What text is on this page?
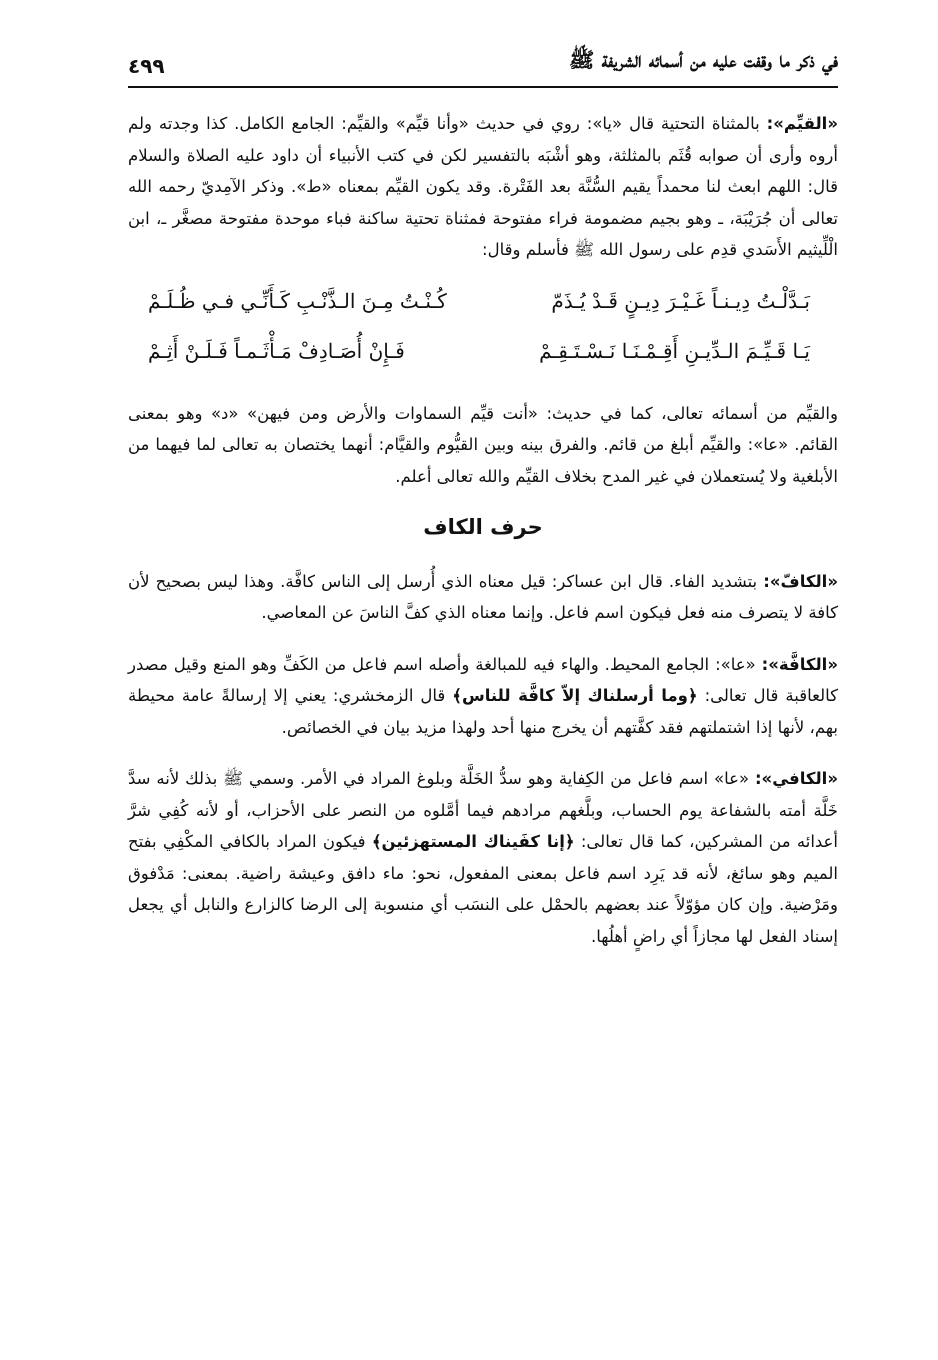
في ذكر ما وقفت عليه من أسمائه الشريفة ﷺ
٤٩٩

«القيِّم»: بالمثناة التحتية قال «يا»: روي في حديث «وأنا قيِّم» والقيِّم: الجامع الكامل. كذا وجدته ولم أروه وأرى أن صوابه قُثَم بالمثلثة، وهو أشْبَه بالتفسير لكن في كتب الأنبياء أن داود عليه الصلاة والسلام قال: اللهم ابعث لنا محمداً يقيم السُّنَّة بعد الفَتْرة. وقد يكون القيِّم بمعناه «ط». وذكر الآمِديّ رحمه الله تعالى أن جُرَيْبَة، ـ وهو بجيم مضمومة فراء مفتوحة فمثناة تحتية ساكنة فباء موحدة مفتوحة مصغَّر ـ، ابن الْلِّيثيم الأَسَدي قدِم على رسول الله ﷺ فأسلم وقال:

بَـدَّلْـتُ دِيـنـاً غَـيْـرَ دِيـنٍ قَـدْ يُـذَمّ
كُـنْـتُ مِـنَ الـذَّنْـبِ كَـأَنِّـي فـي ظُـلَـمْ
يَـا قَـيِّـمَ الـدِّيـنِ أَقِـمْـنَـا نَـسْـتَـقِـمْ
فَـإِنْ أُصَـادِفْ مَـأْثَـمـاً فَـلَـنْ أَثِـمْ

والقيِّم من أسمائه تعالى، كما في حديث: «أنت قيِّم السماوات والأرض ومن فيهن» «د» وهو بمعنى القائم. «عا»: والقيِّم أبلغ من قائم. والفرق بينه وبين القيُّوم والقيَّام: أنهما يختصان به تعالى لما فيهما من الأبلغية ولا يُستعملان في غير المدح بخلاف القيِّم والله تعالى أعلم.

حرف الكاف

«الكافّ»: بتشديد الفاء. قال ابن عساكر: قيل معناه الذي أُرسل إلى الناس كافَّة. وهذا ليس بصحيح لأن كافة لا يتصرف منه فعل فيكون اسم فاعل. وإنما معناه الذي كفَّ الناسَ عن المعاصي.

«الكافَّة»: «عا»: الجامع المحيط. والهاء فيه للمبالغة وأصله اسم فاعل من الكَفِّ وهو المنع وقيل مصدر كالعاقبة قال تعالى: ﴿وما أرسلناك إلاّ كافَّة للناس﴾ قال الزمخشري: يعني إلا إرسالةً عامة محيطة بهم، لأنها إذا اشتملتهم فقد كفَّتهم أن يخرج منها أحد ولهذا مزيد بيان في الخصائص.

«الكافي»: «عا» اسم فاعل من الكِفاية وهو سدُّ الخَلَّة وبلوغ المراد في الأمر. وسمي ﷺ بذلك لأنه سدَّ خَلَّة أمته بالشفاعة يوم الحساب، وبلَّغهم مرادهم فيما أمَّلوه من النصر على الأحزاب، أو لأنه كُفِي شرَّ أعدائه من المشركين، كما قال تعالى: ﴿إنا كفَيناك المستهزئين﴾ فيكون المراد بالكافي المكْفِي بفتح الميم وهو سائغ، لأنه قد يَرِد اسم فاعل بمعنى المفعول، نحو: ماء دافق وعيشة راضية. بمعنى: مَدْفوق ومَرْضية. وإن كان مؤوّلاً عند بعضهم بالحمْل على النسَب أي منسوبة إلى الرضا كالزارع والنابل أي يجعل إسناد الفعل لها مجازاً أي راضٍ أهلُها.
